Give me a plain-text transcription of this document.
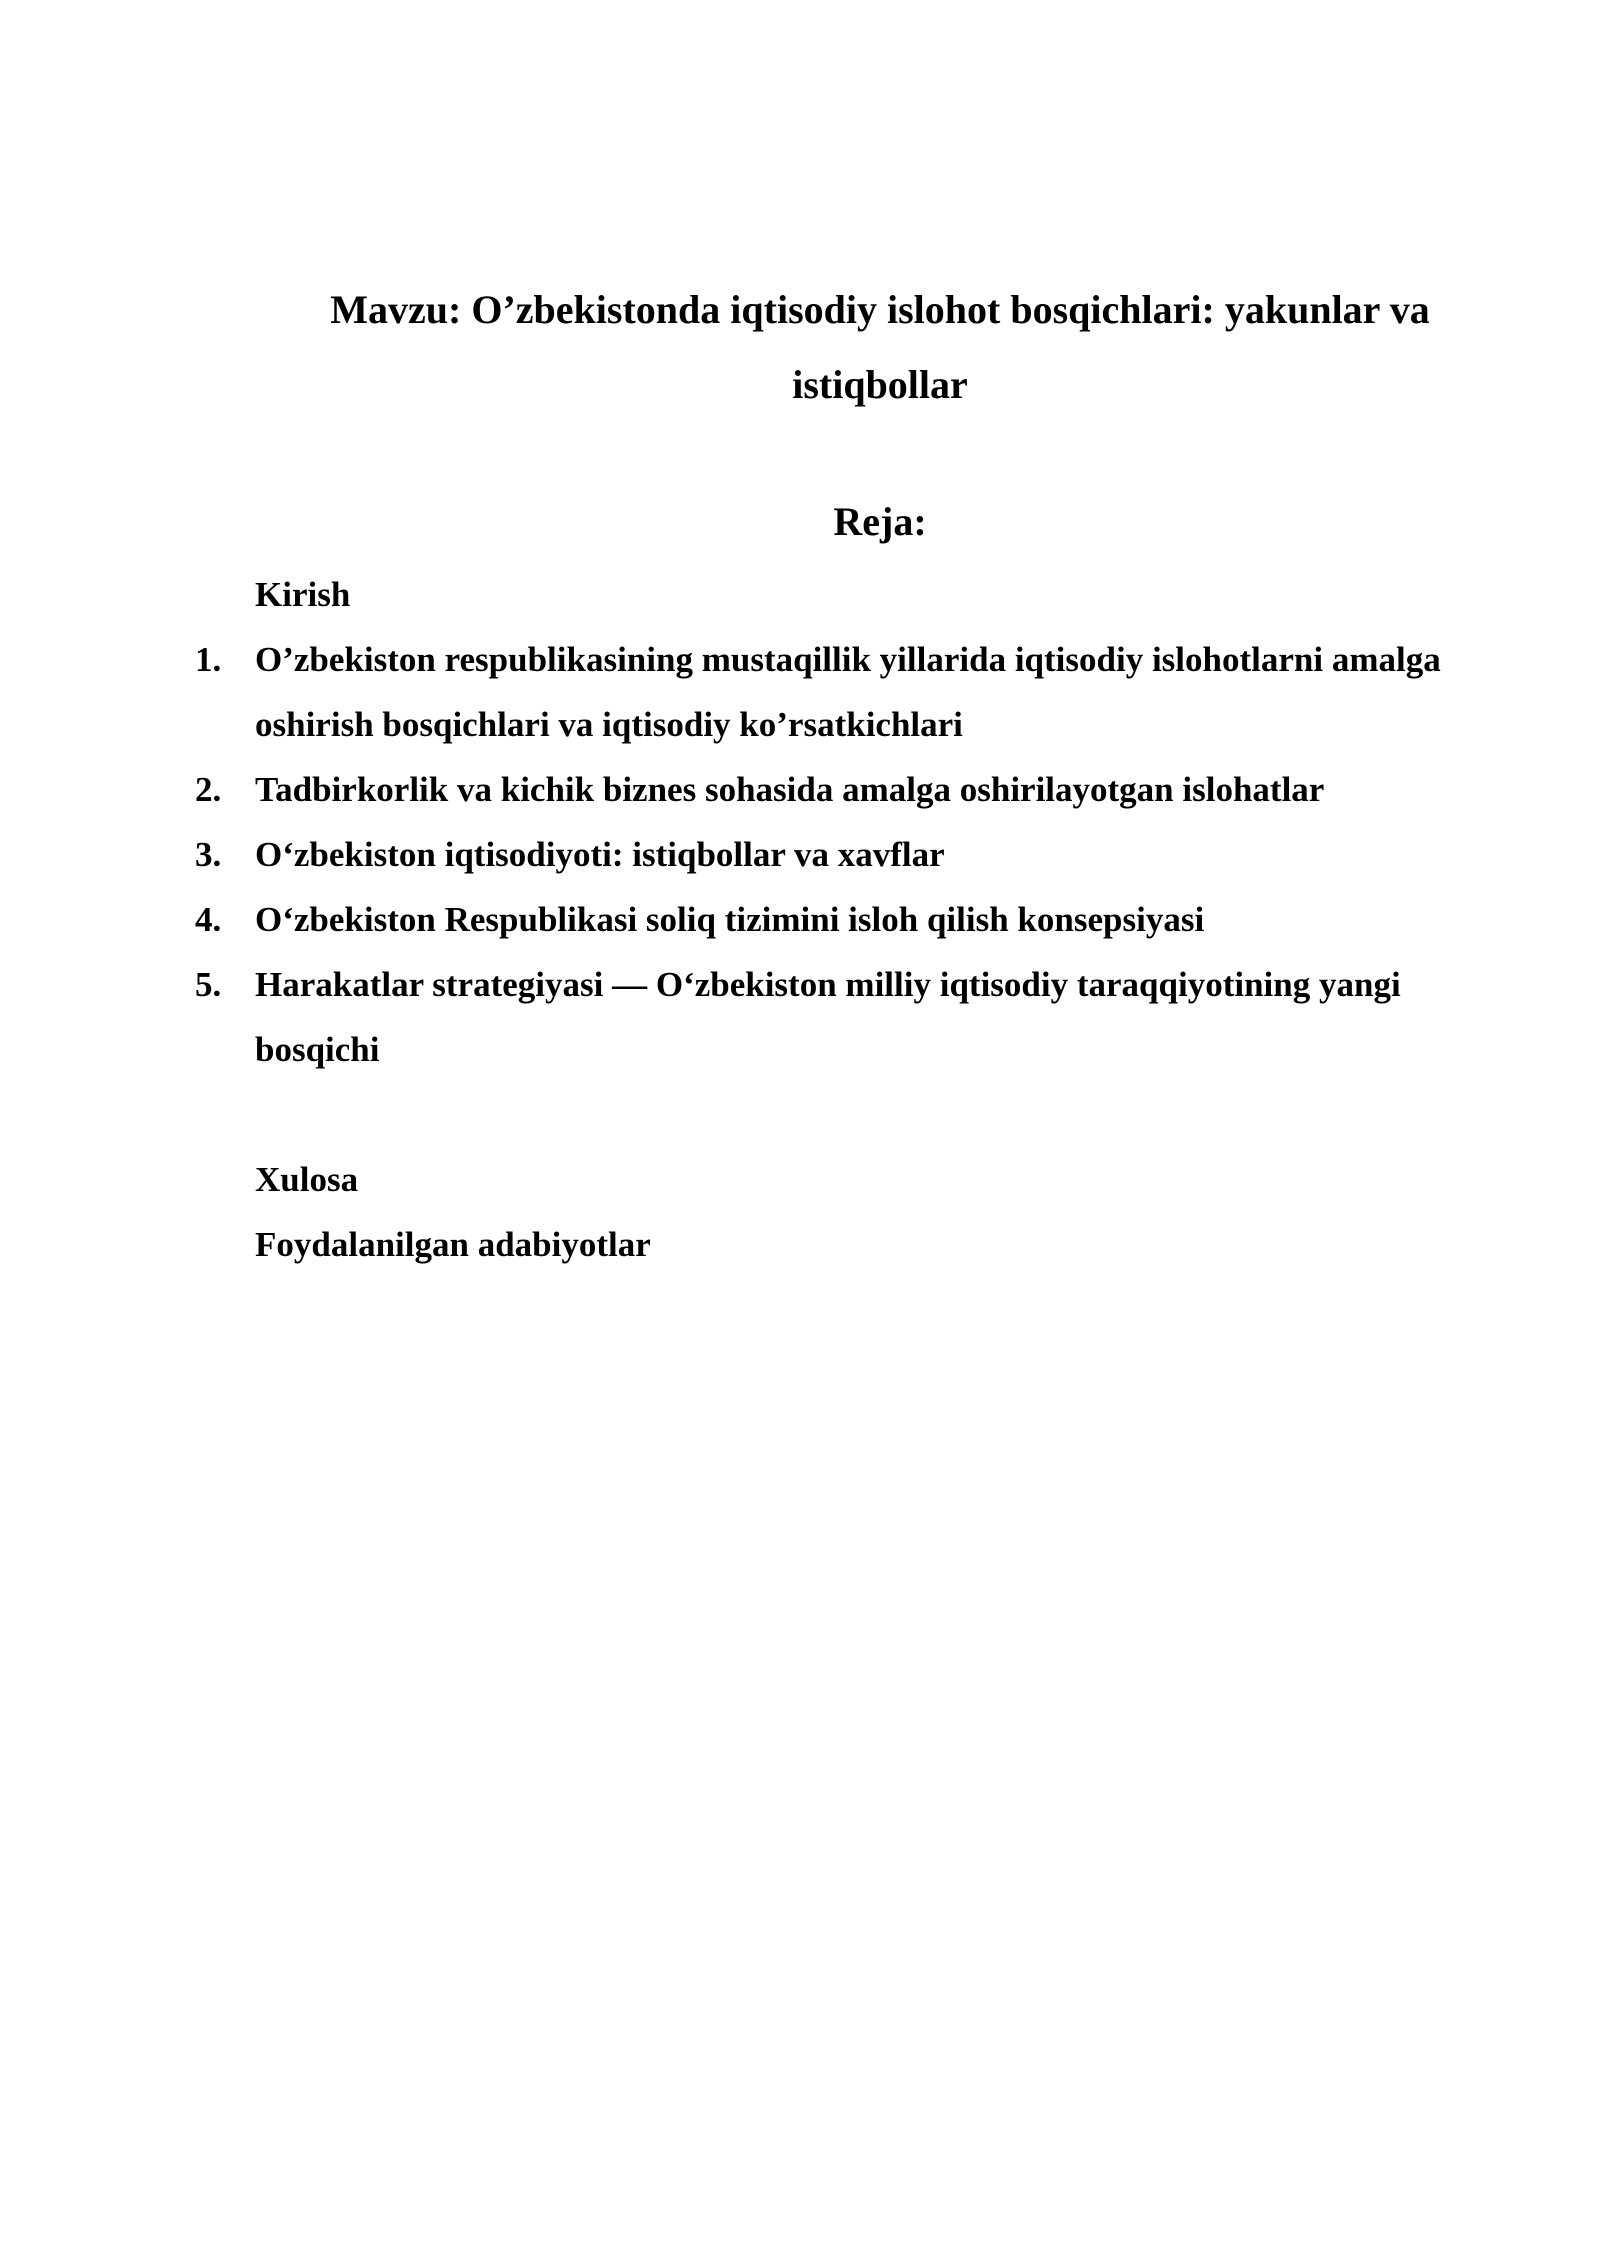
Mavzu: O’zbekistonda iqtisodiy islohot bosqichlari: yakunlar va istiqbollar
Reja:
Kirish
1. O’zbekiston respublikasining mustaqillik yillarida iqtisodiy islohotlarni amalga oshirish bosqichlari va iqtisodiy ko’rsatkichlari
2. Tadbirkorlik va kichik biznes sohasida amalga oshirilayotgan islohatlar
3. O‘zbekiston iqtisodiyoti: istiqbollar va xavflar
4. O‘zbekiston Respublikasi soliq tizimini isloh qilish konsepsiyasi
5. Harakatlar strategiyasi — O‘zbekiston milliy iqtisodiy taraqqiyotining yangi bosqichi
Xulosa
Foydalanilgan adabiyotlar
